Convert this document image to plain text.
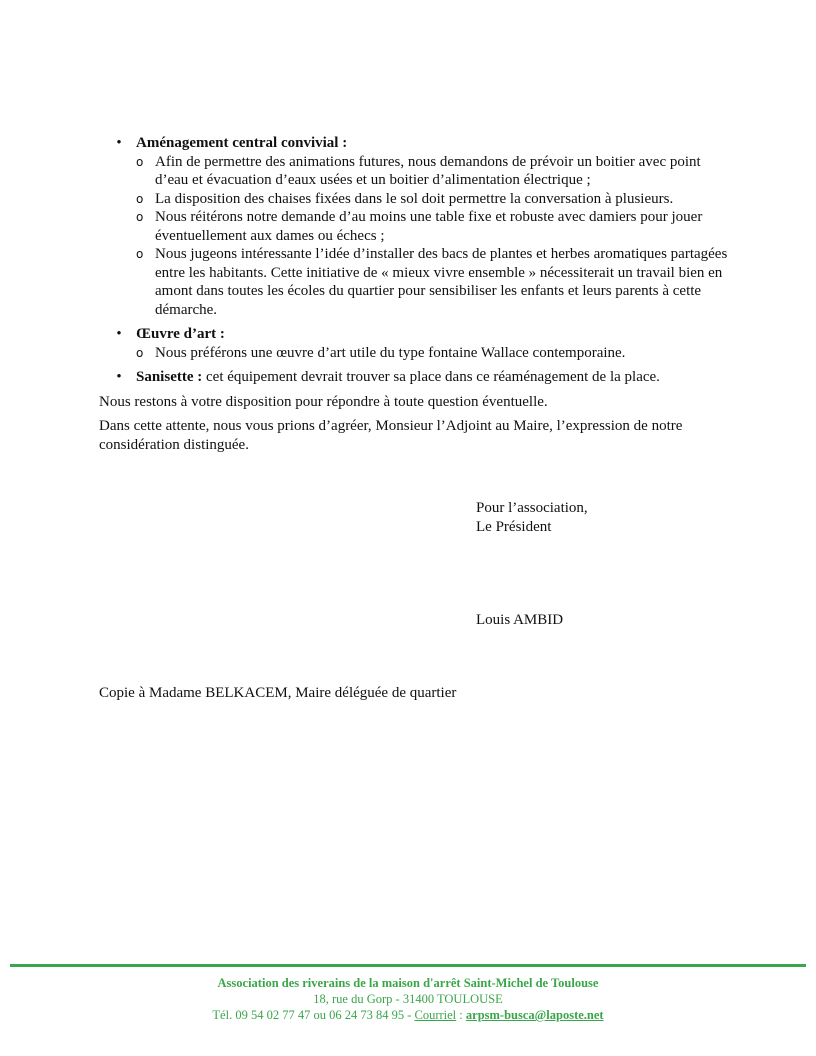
• Aménagement central convivial :
o Afin de permettre des animations futures, nous demandons de prévoir un boitier avec point d’eau et évacuation d’eaux usées et un boitier d’alimentation électrique ;
o La disposition des chaises fixées dans le sol doit permettre la conversation à plusieurs.
o Nous réitérons notre demande d’au moins une table fixe et robuste avec damiers pour jouer éventuellement aux dames ou échecs ;
o Nous jugeons intéressante l’idée d’installer des bacs de plantes et herbes aromatiques partagées entre les habitants. Cette initiative de « mieux vivre ensemble » nécessiterait un travail bien en amont dans toutes les écoles du quartier pour sensibiliser les enfants et leurs parents à cette démarche.
• Œuvre d’art :
o Nous préférons une œuvre d’art utile du type fontaine Wallace contemporaine.
• Sanisette : cet équipement devrait trouver sa place dans ce réaménagement de la place.

Nous restons à votre disposition pour répondre à toute question éventuelle.

Dans cette attente, nous vous prions d’agréer, Monsieur l’Adjoint au Maire, l’expression de notre considération distinguée.

Pour l’association,
Le Président
Louis AMBID
Copie à Madame BELKACEM, Maire déléguée de quartier
Association des riverains de la maison d'arrêt Saint-Michel de Toulouse
18, rue du Gorp - 31400 TOULOUSE
Tél. 09 54 02 77 47 ou 06 24 73 84 95 - Courriel : arpsm-busca@laposte.net
